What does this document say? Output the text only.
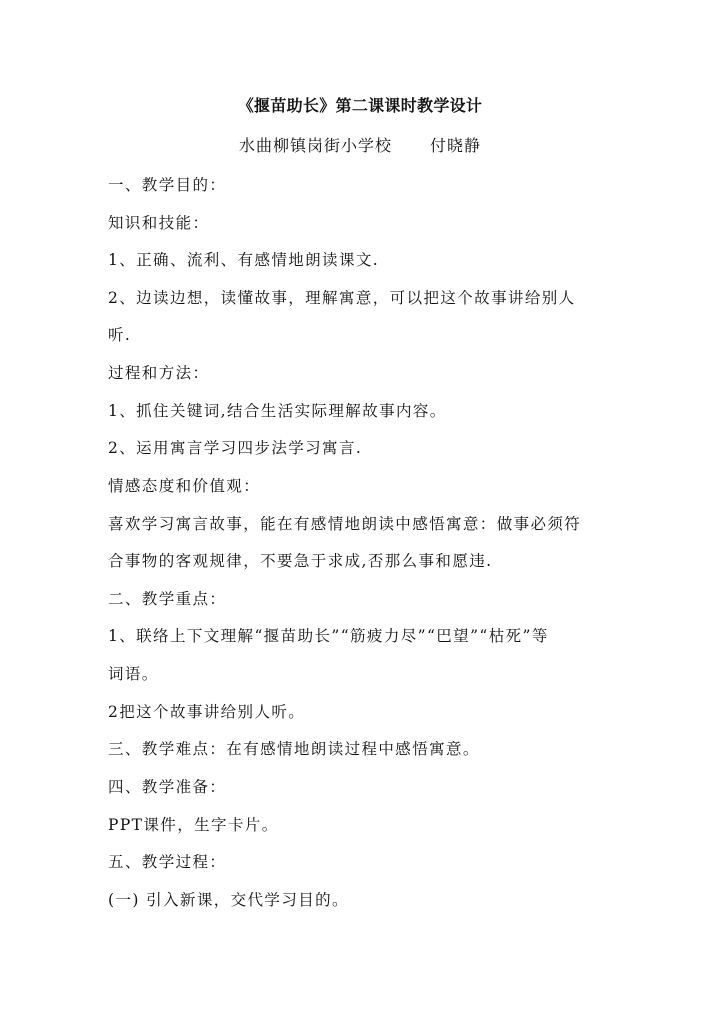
《揠苗助长》第二课课时教学设计
水曲柳镇岗街小学校 付晓静
一、教学目的：
知识和技能：
1、正确、流利、有感情地朗读课文.
2、边读边想，读懂故事，理解寓意，可以把这个故事讲给别人
听.
过程和方法：
1、抓住关键词,结合生活实际理解故事内容。
2、运用寓言学习四步法学习寓言.
情感态度和价值观：
喜欢学习寓言故事，能在有感情地朗读中感悟寓意：做事必须符
合事物的客观规律，不要急于求成,否那么事和愿违.
二、教学重点：
1、联络上下文理解“揠苗助长”“筋疲力尽”“巴望”“枯死”等
词语。
2把这个故事讲给别人听。
三、教学难点：在有感情地朗读过程中感悟寓意。
四、教学准备：
PPT课件，生字卡片。
五、教学过程：
(一) 引入新课，交代学习目的。
